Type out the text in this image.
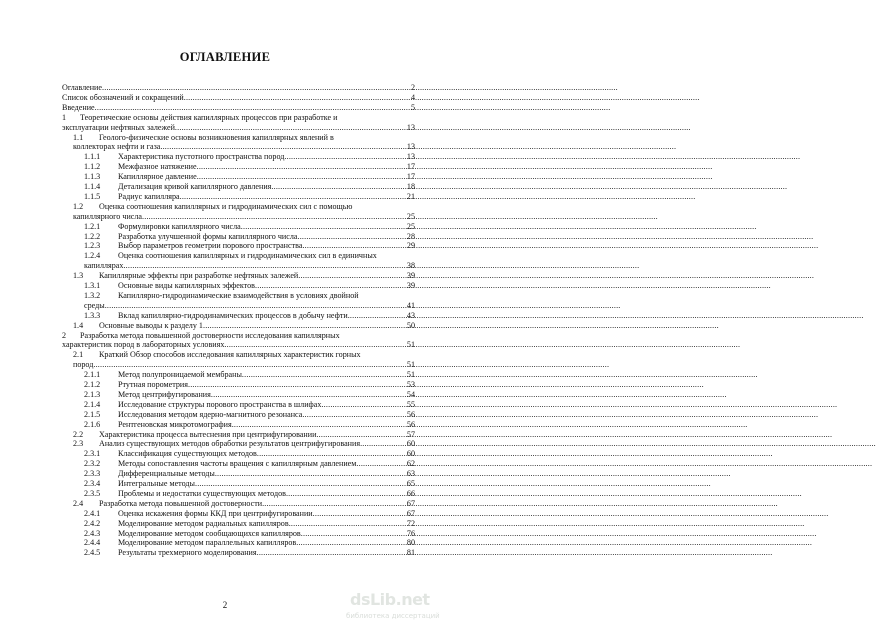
ОГЛАВЛЕНИЕ
Оглавление .....	2
Список обозначений и сокращений .....	4
Введение .....	5
1 Теоретические основы действия капиллярных процессов при разработке и
эксплуатации нефтяных залежей .....	13
1.1 Геолого-физические основы возникновения капиллярных явлений в
коллекторах нефти и газа .....	13
1.1.1	Характеристика пустотного пространства пород .....	13
1.1.2	Межфазное натяжение .....	17
1.1.3	Капиллярное давление .....	17
1.1.4	Детализация кривой капиллярного давления .....	18
1.1.5	Радиус капилляра .....	21
1.2 Оценка соотношения капиллярных и гидродинамических сил с помощью
капиллярного числа .....	25
1.2.1	Формулировки капиллярного числа .....	25
1.2.2	Разработка улучшенной формы капиллярного числа .....	28
1.2.3	Выбор параметров геометрии порового пространства .....	29
1.2.4 Оценка соотношения капиллярных и гидродинамических сил в единичных
капиллярах .....	38
1.3	Капиллярные эффекты при разработке нефтяных залежей .....	39
1.3.1	Основные виды капиллярных эффектов .....	39
1.3.2 Капиллярно-гидродинамические взаимодействия в условиях двойной
среды .....	41
1.3.3	Вклад капиллярно-гидродинамических процессов в добычу нефти .....	43
1.4	Основные выводы к разделу 1 .....	50
2 Разработка метода повышенной достоверности исследования капиллярных
характеристик пород в лабораторных условиях .....	51
2.1 Краткий Обзор способов исследования капиллярных характеристик горных
пород .....	51
2.1.1	Метод полупроницаемой мембраны .....	51
2.1.2	Ртутная порометрия .....	53
2.1.3	Метод центрифугирования .....	54
2.1.4	Исследование структуры порового пространства в шлифах .....	55
2.1.5	Исследования методом ядерно-магнитного резонанса .....	56
2.1.6	Рентгеновская микротомография .....	56
2.2	Характеристика процесса вытеснения при центрифугировании .....	57
2.3	Анализ существующих методов обработки результатов центрифугирования .....	60
2.3.1	Классификация существующих методов .....	60
2.3.2	Методы сопоставления частоты вращения с капиллярным давлением .....	62
2.3.3	Дифференциальные методы .....	63
2.3.4	Интегральные методы .....	65
2.3.5	Проблемы и недостатки существующих методов .....	66
2.4	Разработка метода повышенной достоверности .....	67
2.4.1	Оценка искажения формы ККД при центрифугировании .....	67
2.4.2	Моделирование методом радиальных капилляров .....	72
2.4.3	Моделирование методом сообщающихся капилляров .....	76
2.4.4	Моделирование методом параллельных капилляров .....	80
2.4.5	Результаты трехмерного моделирования .....	81
2	dsLib.net
библиотека диссертаций
